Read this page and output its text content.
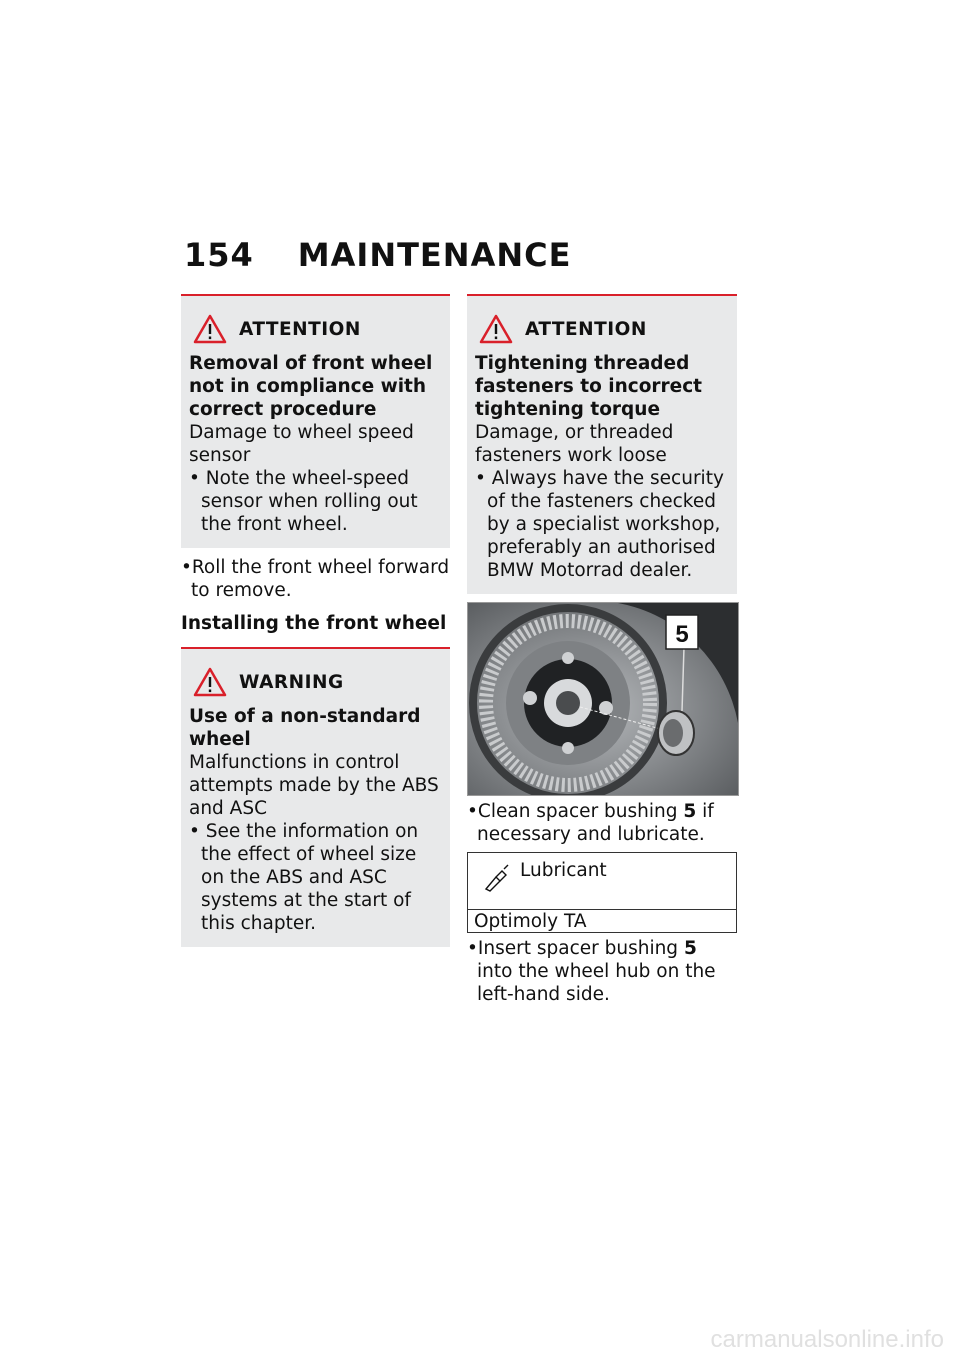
154 MAINTENANCE
ATTENTION
Removal of front wheel not in compliance with correct procedure
Damage to wheel speed sensor
• Note the wheel-speed sensor when rolling out the front wheel.
•Roll the front wheel forward to remove.
Installing the front wheel
WARNING
Use of a non-standard wheel
Malfunctions in control attempts made by the ABS and ASC
• See the information on the effect of wheel size on the ABS and ASC systems at the start of this chapter.
ATTENTION
Tightening threaded fasteners to incorrect tightening torque
Damage, or threaded fasteners work loose
• Always have the security of the fasteners checked by a specialist workshop, preferably an authorised BMW Motorrad dealer.
5
•Clean spacer bushing 5 if necessary and lubricate.
Lubricant
Optimoly TA
•Insert spacer bushing 5 into the wheel hub on the left-hand side.
carmanualsonline.info
